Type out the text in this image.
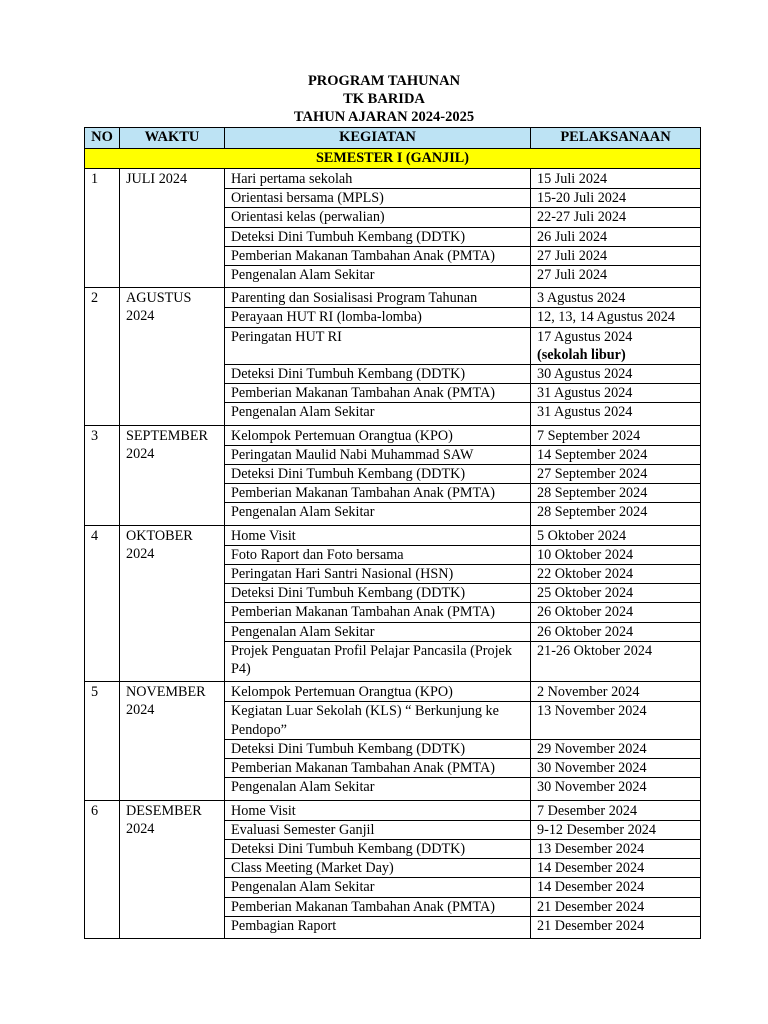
PROGRAM TAHUNAN
TK BARIDA
TAHUN AJARAN 2024-2025
NO	WAKTU	KEGIATAN	PELAKSANAAN
SEMESTER I (GANJIL)			
1	JULI 2024	Hari pertama sekolah	15 Juli 2024

		Orientasi bersama (MPLS)	15-20 Juli 2024

		Orientasi kelas (perwalian)	22-27 Juli 2024

		Deteksi Dini Tumbuh Kembang (DDTK)	26 Juli 2024

		Pemberian Makanan Tambahan Anak (PMTA)	27 Juli 2024

		Pengenalan Alam Sekitar	27 Juli 2024

2	AGUSTUS 2024	Parenting dan Sosialisasi Program Tahunan	3 Agustus 2024

		Perayaan HUT RI (lomba-lomba)	12, 13, 14 Agustus 2024

		Peringatan HUT RI	17 Agustus 2024
(sekolah libur)

		Deteksi Dini Tumbuh Kembang (DDTK)	30 Agustus 2024

		Pemberian Makanan Tambahan Anak (PMTA)	31 Agustus 2024

		Pengenalan Alam Sekitar	31 Agustus 2024

3	SEPTEMBER 2024	Kelompok Pertemuan Orangtua (KPO)	7 September 2024

		Peringatan Maulid Nabi Muhammad SAW	14 September 2024

		Deteksi Dini Tumbuh Kembang (DDTK)	27 September 2024

		Pemberian Makanan Tambahan Anak (PMTA)	28 September 2024

		Pengenalan Alam Sekitar	28 September 2024

4	OKTOBER 2024	Home Visit	5 Oktober 2024

		Foto Raport dan Foto bersama	10 Oktober 2024

		Peringatan Hari Santri Nasional (HSN)	22 Oktober 2024

		Deteksi Dini Tumbuh Kembang (DDTK)	25 Oktober 2024

		Pemberian Makanan Tambahan Anak (PMTA)	26 Oktober 2024

		Pengenalan Alam Sekitar	26 Oktober 2024

		Projek Penguatan Profil Pelajar Pancasila (Projek P4)	21-26 Oktober 2024

5	NOVEMBER 2024	Kelompok Pertemuan Orangtua (KPO)	2 November 2024

		Kegiatan Luar Sekolah (KLS) “ Berkunjung ke Pendopo”	13 November 2024

		Deteksi Dini Tumbuh Kembang (DDTK)	29 November 2024

		Pemberian Makanan Tambahan Anak (PMTA)	30 November 2024

		Pengenalan Alam Sekitar	30 November 2024

6	DESEMBER 2024	Home Visit	7 Desember 2024

		Evaluasi Semester Ganjil	9-12 Desember 2024

		Deteksi Dini Tumbuh Kembang (DDTK)	13 Desember 2024

		Class Meeting (Market Day)	14 Desember 2024

		Pengenalan Alam Sekitar	14 Desember 2024

		Pemberian Makanan Tambahan Anak (PMTA)	21 Desember 2024

		Pembagian Raport	21 Desember 2024
